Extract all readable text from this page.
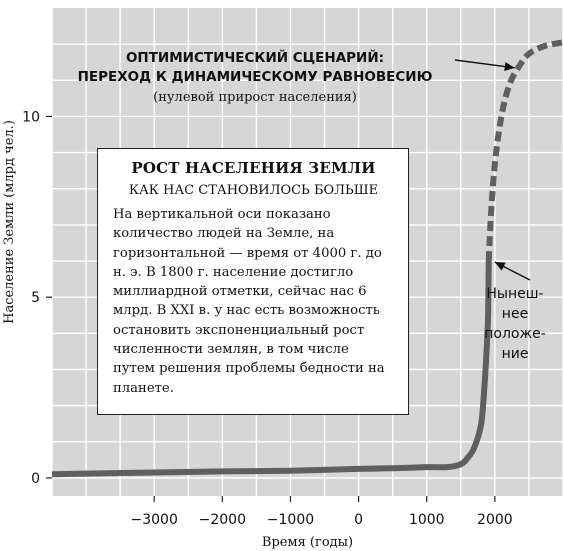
−3000 −2000 −1000	0	1000 2000
0
5
10
Время (годы)
Население Земли (млрд чел.)
ОПТИМИСТИЧЕСКИЙ СЦЕНАРИЙ:
ПЕРЕХОД К ДИНАМИЧЕСКОМУ РАВНОВЕСИЮ
(нулевой прирост населения)
Нынеш-
нее
положе-
ние

РОСТ НАСЕЛЕНИЯ ЗЕМЛИ

КАК НАС СТАНОВИЛОСЬ БОЛЬШЕ

На вертикальной оси показано количество людей на Земле, на горизонтальной — время от 4000 г. до н. э. В 1800 г. население достигло миллиардной отметки, сейчас нас 6 млрд. В XXI в. у нас есть возможность остановить экспоненциальный рост численности землян, в том числе путем решения проблемы бедности на планете.
